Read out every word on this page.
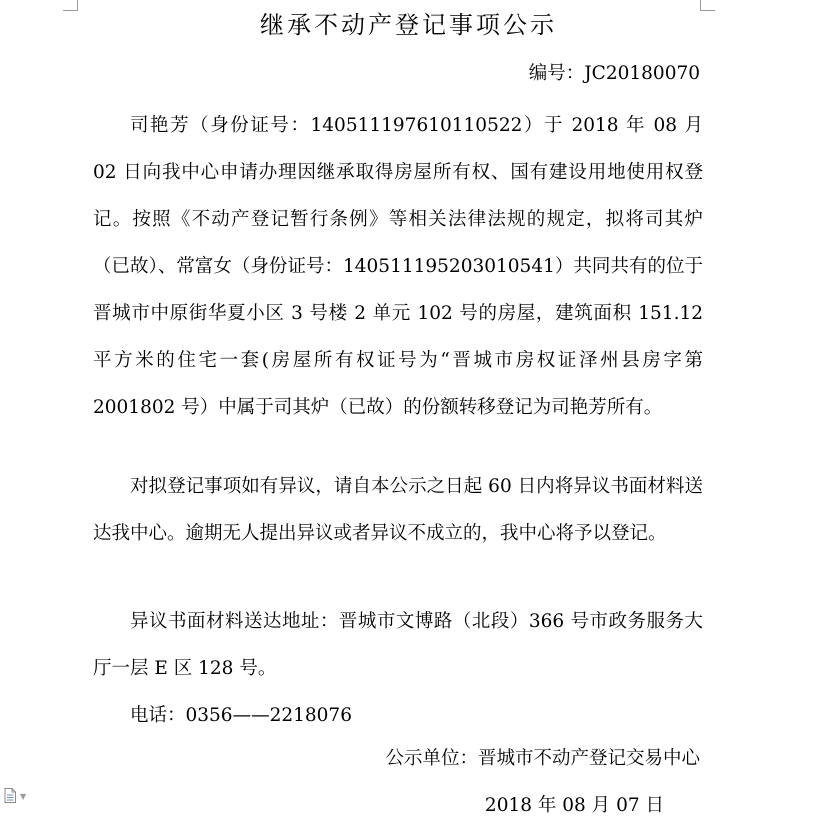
继承不动产登记事项公示
编号：JC20180070

司艳芳（身份证号：140511197610110522）于 2018 年 08 月 02 日向我中心申请办理因继承取得房屋所有权、国有建设用地使用权登记。按照《不动产登记暂行条例》等相关法律法规的规定，拟将司其炉（已故）、常富女（身份证号：140511195203010541）共同共有的位于晋城市中原街华夏小区 3 号楼 2 单元 102 号的房屋，建筑面积 151.12 平方米的住宅一套(房屋所有权证号为“晋城市房权证泽州县房字第 2001802 号）中属于司其炉（已故）的份额转移登记为司艳芳所有。

对拟登记事项如有异议，请自本公示之日起 60 日内将异议书面材料送达我中心。逾期无人提出异议或者异议不成立的，我中心将予以登记。

异议书面材料送达地址：晋城市文博路（北段）366 号市政务服务大厅一层 E 区 128 号。

电话：0356——2218076

公示单位：晋城市不动产登记交易中心
2018 年 08 月 07 日
▼
